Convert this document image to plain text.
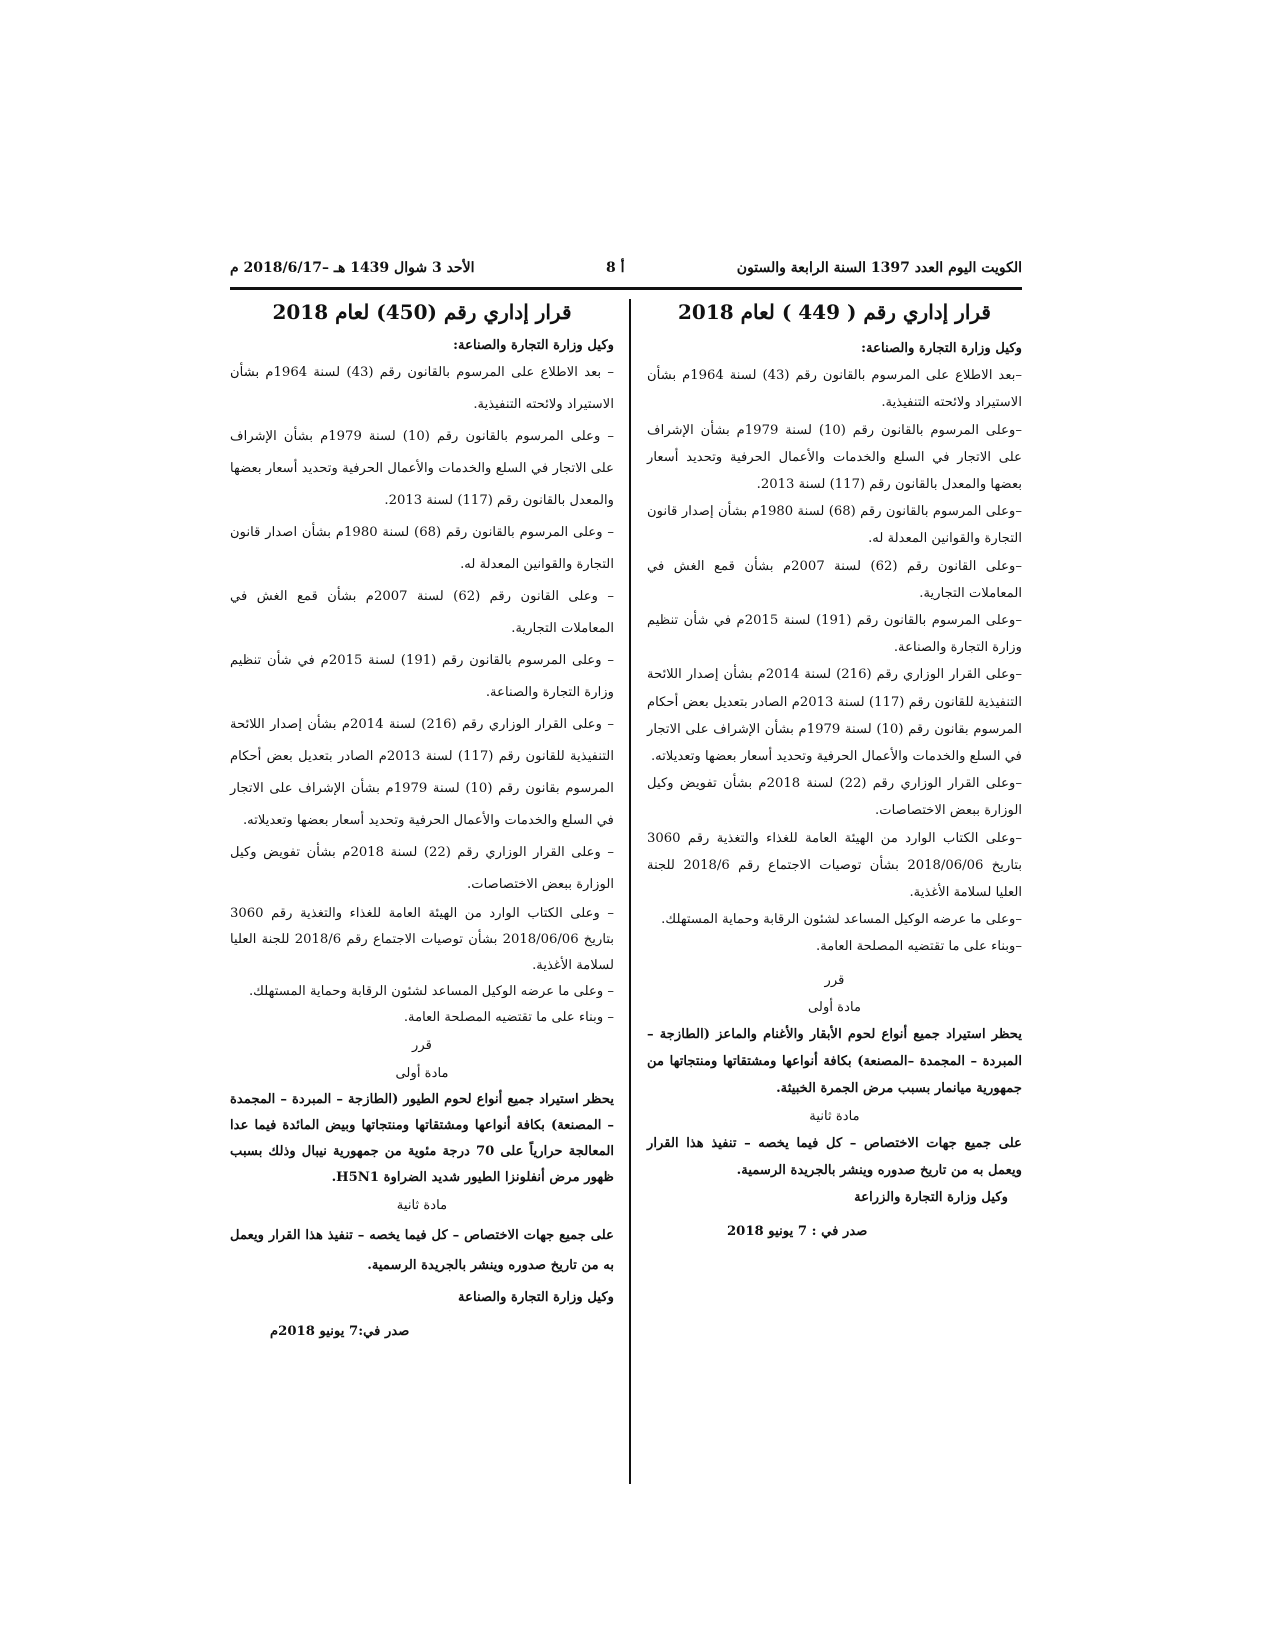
الكويت اليوم العدد 1397 السنة الرابعة والستون
أ 8
الأحد 3 شوال 1439 هـ –2018/6/17 م
قرار إداري رقم ( 449 ) لعام 2018

وكيل وزارة التجارة والصناعة:

–بعد الاطلاع على المرسوم بالقانون رقم (43) لسنة 1964م بشأن الاستيراد ولائحته التنفيذية.

–وعلى المرسوم بالقانون رقم (10) لسنة 1979م بشأن الإشراف على الاتجار في السلع والخدمات والأعمال الحرفية وتحديد أسعار بعضها والمعدل بالقانون رقم (117) لسنة 2013.

–وعلى المرسوم بالقانون رقم (68) لسنة 1980م بشأن إصدار قانون التجارة والقوانين المعدلة له.

–وعلى القانون رقم (62) لسنة 2007م بشأن قمع الغش في المعاملات التجارية.

–وعلى المرسوم بالقانون رقم (191) لسنة 2015م في شأن تنظيم وزارة التجارة والصناعة.

–وعلى القرار الوزاري رقم (216) لسنة 2014م بشأن إصدار اللائحة التنفيذية للقانون رقم (117) لسنة 2013م الصادر بتعديل بعض أحكام المرسوم بقانون رقم (10) لسنة 1979م بشأن الإشراف على الاتجار في السلع والخدمات والأعمال الحرفية وتحديد أسعار بعضها وتعديلاته.

–وعلى القرار الوزاري رقم (22) لسنة 2018م بشأن تفويض وكيل الوزارة ببعض الاختصاصات.

–وعلى الكتاب الوارد من الهيئة العامة للغذاء والتغذية رقم 3060 بتاريخ 2018/06/06 بشأن توصيات الاجتماع رقم 2018/6 للجنة العليا لسلامة الأغذية.

–وعلى ما عرضه الوكيل المساعد لشئون الرقابة وحماية المستهلك.

–وبناء على ما تقتضيه المصلحة العامة.

قرر

مادة أولى

يحظر استيراد جميع أنواع لحوم الأبقار والأغنام والماعز (الطازجة – المبردة – المجمدة –المصنعة) بكافة أنواعها ومشتقاتها ومنتجاتها من جمهورية ميانمار بسبب مرض الجمرة الخبيثة.

مادة ثانية

على جميع جهات الاختصاص – كل فيما يخصه – تنفيذ هذا القرار ويعمل به من تاريخ صدوره وينشر بالجريدة الرسمية.

وكيل وزارة التجارة والزراعة

صدر في : 7 يونيو 2018

قرار إداري رقم (450) لعام 2018

وكيل وزارة التجارة والصناعة:

– بعد الاطلاع على المرسوم بالقانون رقم (43) لسنة 1964م بشأن الاستيراد ولائحته التنفيذية.

– وعلى المرسوم بالقانون رقم (10) لسنة 1979م بشأن الإشراف على الاتجار في السلع والخدمات والأعمال الحرفية وتحديد أسعار بعضها والمعدل بالقانون رقم (117) لسنة 2013.

– وعلى المرسوم بالقانون رقم (68) لسنة 1980م بشأن اصدار قانون التجارة والقوانين المعدلة له.

– وعلى القانون رقم (62) لسنة 2007م بشأن قمع الغش في المعاملات التجارية.

– وعلى المرسوم بالقانون رقم (191) لسنة 2015م في شأن تنظيم وزارة التجارة والصناعة.

– وعلى القرار الوزاري رقم (216) لسنة 2014م بشأن إصدار اللائحة التنفيذية للقانون رقم (117) لسنة 2013م الصادر بتعديل بعض أحكام المرسوم بقانون رقم (10) لسنة 1979م بشأن الإشراف على الاتجار في السلع والخدمات والأعمال الحرفية وتحديد أسعار بعضها وتعديلاته.

– وعلى القرار الوزاري رقم (22) لسنة 2018م بشأن تفويض وكيل الوزارة ببعض الاختصاصات.

– وعلى الكتاب الوارد من الهيئة العامة للغذاء والتغذية رقم 3060 بتاريخ 2018/06/06 بشأن توصيات الاجتماع رقم 2018/6 للجنة العليا لسلامة الأغذية.

– وعلى ما عرضه الوكيل المساعد لشئون الرقابة وحماية المستهلك.

– وبناء على ما تقتضيه المصلحة العامة.

قرر

مادة أولى

يحظر استيراد جميع أنواع لحوم الطيور (الطازجة – المبردة – المجمدة – المصنعة) بكافة أنواعها ومشتقاتها ومنتجاتها وبيض المائدة فيما عدا المعالجة حرارياً على 70 درجة مئوية من جمهورية نيبال وذلك بسبب ظهور مرض أنفلونزا الطيور شديد الضراوة H5N1.

مادة ثانية

على جميع جهات الاختصاص – كل فيما يخصه – تنفيذ هذا القرار ويعمل به من تاريخ صدوره وينشر بالجريدة الرسمية.

وكيل وزارة التجارة والصناعة

صدر في:7 يونيو 2018م
